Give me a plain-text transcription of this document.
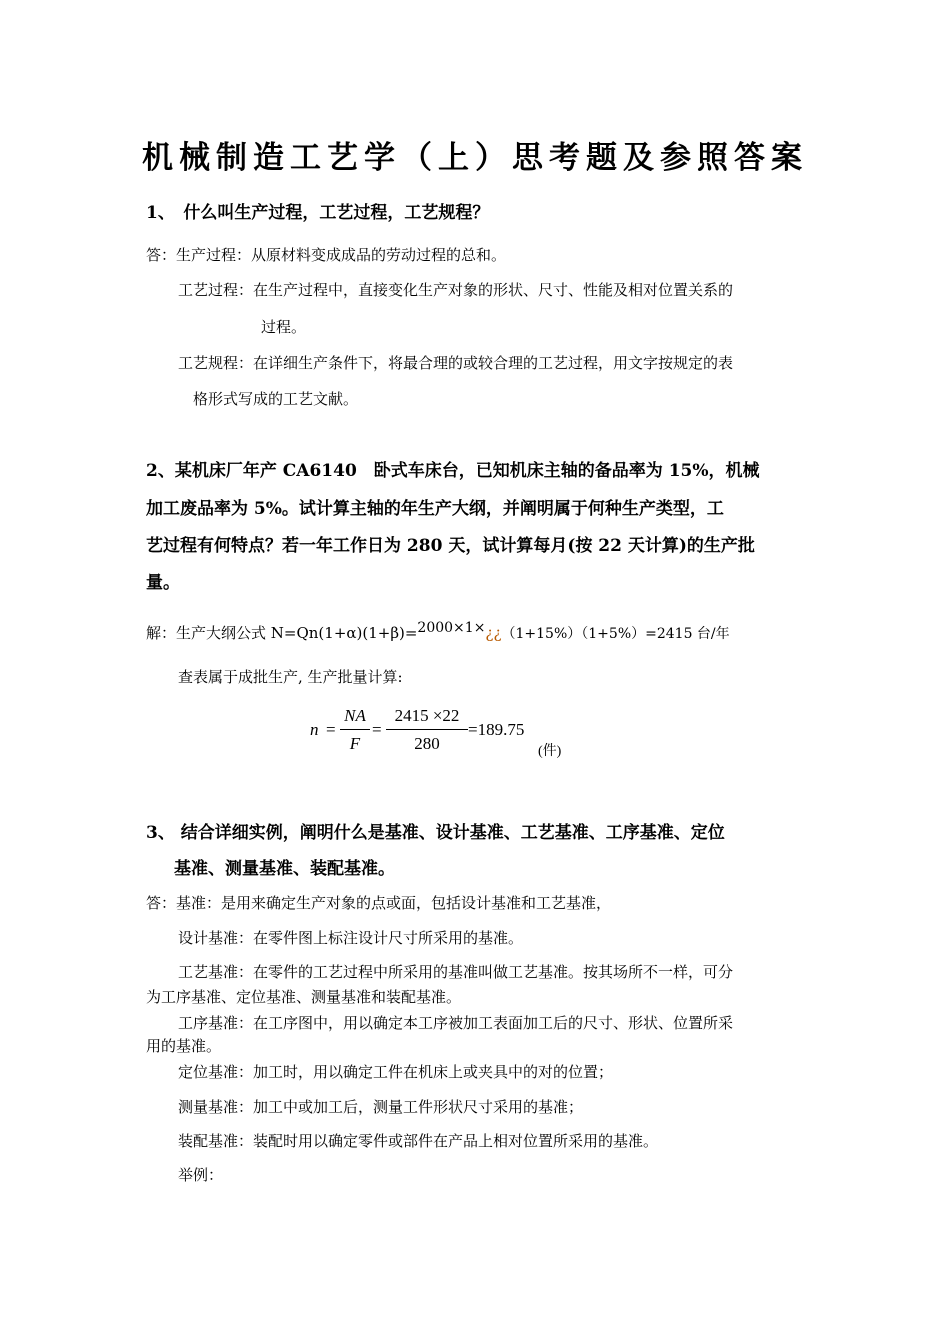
机械制造工艺学（上）思考题及参照答案
1、　什么叫生产过程，工艺过程，工艺规程？
答：生产过程：从原材料变成成品的劳动过程的总和。
工艺过程：在生产过程中，直接变化生产对象的形状、尺寸、性能及相对位置关系的
过程。
工艺规程：在详细生产条件下，将最合理的或较合理的工艺过程，用文字按规定的表
格形式写成的工艺文献。
2、某机床厂年产 CA6140　卧式车床台，已知机床主轴的备品率为 15%，机械
加工废品率为 5%。试计算主轴的年生产大纲，并阐明属于何种生产类型，工
艺过程有何特点？若一年工作日为 280 天，试计算每月(按 22 天计算)的生产批
量。
解：生产大纲公式 N=Qn(1+α)(1+β)=2000×1×¿¿（1+15%）（1+5%）=2415 台/年
查表属于成批生产, 生产批量计算:
$n = \frac{NA}{F} = \frac{2415 \times 22}{280} =189.75$
(件)
3、 结合详细实例，阐明什么是基准、设计基准、工艺基准、工序基准、定位
基准、测量基准、装配基准。
答：基准：是用来确定生产对象的点或面，包括设计基准和工艺基准，
设计基准：在零件图上标注设计尺寸所采用的基准。
工艺基准：在零件的工艺过程中所采用的基准叫做工艺基准。按其场所不一样，可分
为工序基准、定位基准、测量基准和装配基准。
工序基准：在工序图中，用以确定本工序被加工表面加工后的尺寸、形状、位置所采
用的基准。
定位基准：加工时，用以确定工件在机床上或夹具中的对的位置；
测量基准：加工中或加工后，测量工件形状尺寸采用的基准；
装配基准：装配时用以确定零件或部件在产品上相对位置所采用的基准。
举例：
